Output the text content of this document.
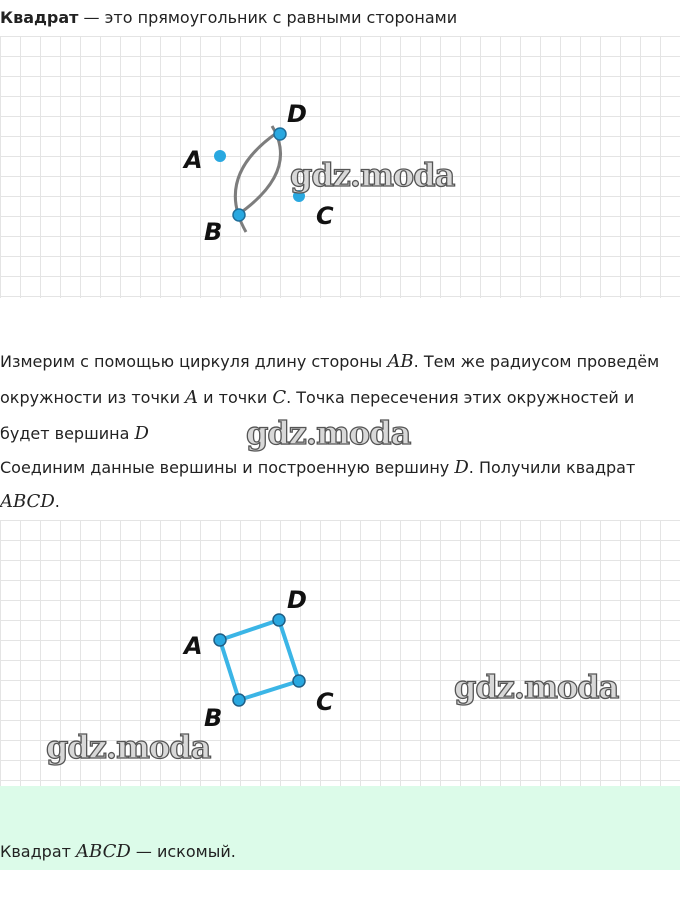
Квадрат — это прямоугольник с равными сторонами
A
D
B
C
gdz.moda
Измерим с помощью циркуля длину стороны AB. Тем же радиусом проведём
окружности из точки A и точки C. Точка пересечения этих окружностей и
будет вершина D	gdz.moda
Соединим данные вершины и построенную вершину D. Получили квадрат
ABCD.
A
D
B
C	gdz.moda
gdz.moda
Квадрат ABCD — искомый.
